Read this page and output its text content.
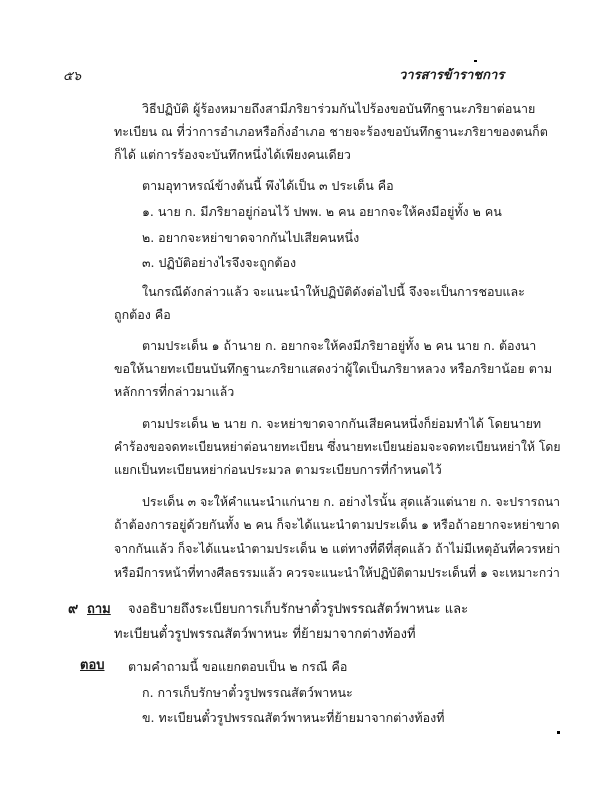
๕๖	วารสารข้าราชการ
วิธีปฏิบัติ ผู้ร้องหมายถึงสามีภริยาร่วมกันไปร้องขอบันทึกฐานะภริยาต่อนาย
ทะเบียน ณ ที่ว่าการอำเภอหรือกิ่งอำเภอ ชายจะร้องขอบันทึกฐานะภริยาของตนก็ต
ก็ได้ แต่การร้องจะบันทึกหนึ่งได้เพียงคนเดียว
ตามอุทาหรณ์ข้างต้นนี้ พึงได้เป็น ๓ ประเด็น คือ
๑. นาย ก. มีภริยาอยู่ก่อนไว้ ปพพ. ๒ คน อยากจะให้คงมีอยู่ทั้ง ๒ คน
๒. อยากจะหย่าขาดจากกันไปเสียคนหนึ่ง
๓. ปฏิบัติอย่างไรจึงจะถูกต้อง
ในกรณีดังกล่าวแล้ว จะแนะนำให้ปฏิบัติดังต่อไปนี้ จึงจะเป็นการชอบและ
ถูกต้อง คือ
ตามประเด็น ๑ ถ้านาย ก. อยากจะให้คงมีภริยาอยู่ทั้ง ๒ คน นาย ก. ต้องนา
ขอให้นายทะเบียนบันทึกฐานะภริยาแสดงว่าผู้ใดเป็นภริยาหลวง หรือภริยาน้อย ตาม
หลักการที่กล่าวมาแล้ว
ตามประเด็น ๒ นาย ก. จะหย่าขาดจากกันเสียคนหนึ่งก็ย่อมทำได้ โดยนายท
คำร้องขอจดทะเบียนหย่าต่อนายทะเบียน ซึ่งนายทะเบียนย่อมจะจดทะเบียนหย่าให้ โดย
แยกเป็นทะเบียนหย่าก่อนประมวล ตามระเบียบการที่กำหนดไว้
ประเด็น ๓ จะให้คำแนะนำแก่นาย ก. อย่างไรนั้น สุดแล้วแต่นาย ก. จะปรารถนา
ถ้าต้องการอยู่ด้วยกันทั้ง ๒ คน ก็จะได้แนะนำตามประเด็น ๑ หรือถ้าอยากจะหย่าขาด
จากกันแล้ว ก็จะได้แนะนำตามประเด็น ๒ แต่ทางที่ดีที่สุดแล้ว ถ้าไม่มีเหตุอันที่ควรหย่า
หรือมีการหน้าที่ทางศีลธรรมแล้ว ควรจะแนะนำให้ปฏิบัติตามประเด็นที่ ๑ จะเหมาะกว่า
๙ ถาม จงอธิบายถึงระเบียบการเก็บรักษาตั๋วรูปพรรณสัตว์พาหนะ และ
ทะเบียนตั๋วรูปพรรณสัตว์พาหนะ ที่ย้ายมาจากต่างท้องที่
ตอบ ตามคำถามนี้ ขอแยกตอบเป็น ๒ กรณี คือ
ก. การเก็บรักษาตั๋วรูปพรรณสัตว์พาหนะ
ข. ทะเบียนตั๋วรูปพรรณสัตว์พาหนะที่ย้ายมาจากต่างท้องที่
